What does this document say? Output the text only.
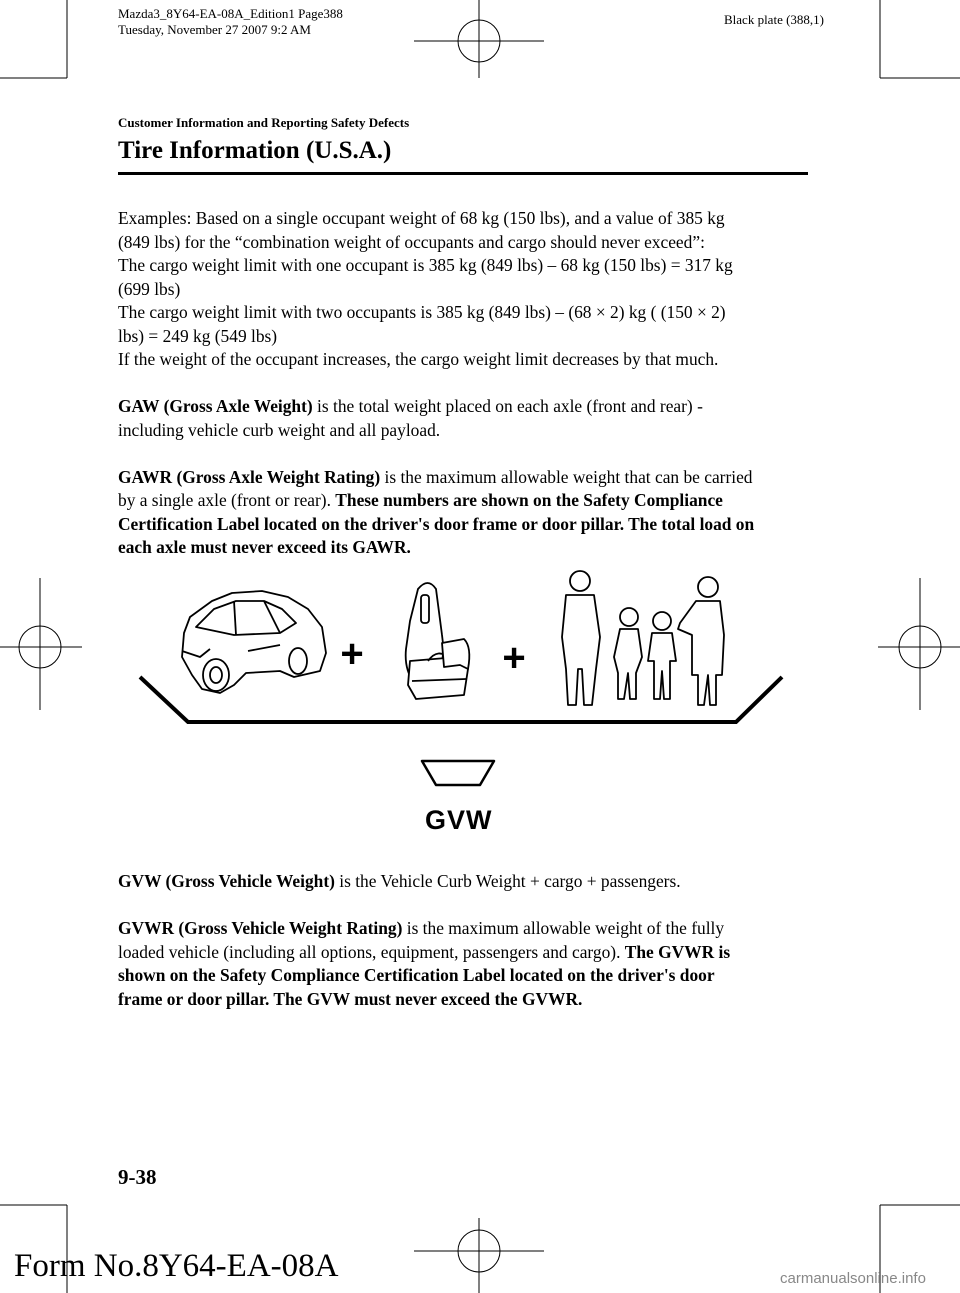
Mazda3_8Y64-EA-08A_Edition1 Page388
Tuesday, November 27 2007 9:2 AM
Black plate (388,1)
Customer Information and Reporting Safety Defects
Tire Information (U.S.A.)

Examples: Based on a single occupant weight of 68 kg (150 lbs), and a value of 385 kg
(849 lbs) for the “combination weight of occupants and cargo should never exceed”:
The cargo weight limit with one occupant is 385 kg (849 lbs) – 68 kg (150 lbs) = 317 kg
(699 lbs)
The cargo weight limit with two occupants is 385 kg (849 lbs) – (68 × 2) kg ( (150 × 2)
lbs) = 249 kg (549 lbs)
If the weight of the occupant increases, the cargo weight limit decreases by that much.

GAW (Gross Axle Weight) is the total weight placed on each axle (front and rear) -
including vehicle curb weight and all payload.

GAWR (Gross Axle Weight Rating) is the maximum allowable weight that can be carried
by a single axle (front or rear). These numbers are shown on the Safety Compliance
Certification Label located on the driver's door frame or door pillar. The total load on
each axle must never exceed its GAWR.

+	+
GVW

GVW (Gross Vehicle Weight) is the Vehicle Curb Weight + cargo + passengers.

GVWR (Gross Vehicle Weight Rating) is the maximum allowable weight of the fully
loaded vehicle (including all options, equipment, passengers and cargo). The GVWR is
shown on the Safety Compliance Certification Label located on the driver's door
frame or door pillar. The GVW must never exceed the GVWR.

9-38
Form No.8Y64-EA-08A	carmanualsonline.info
